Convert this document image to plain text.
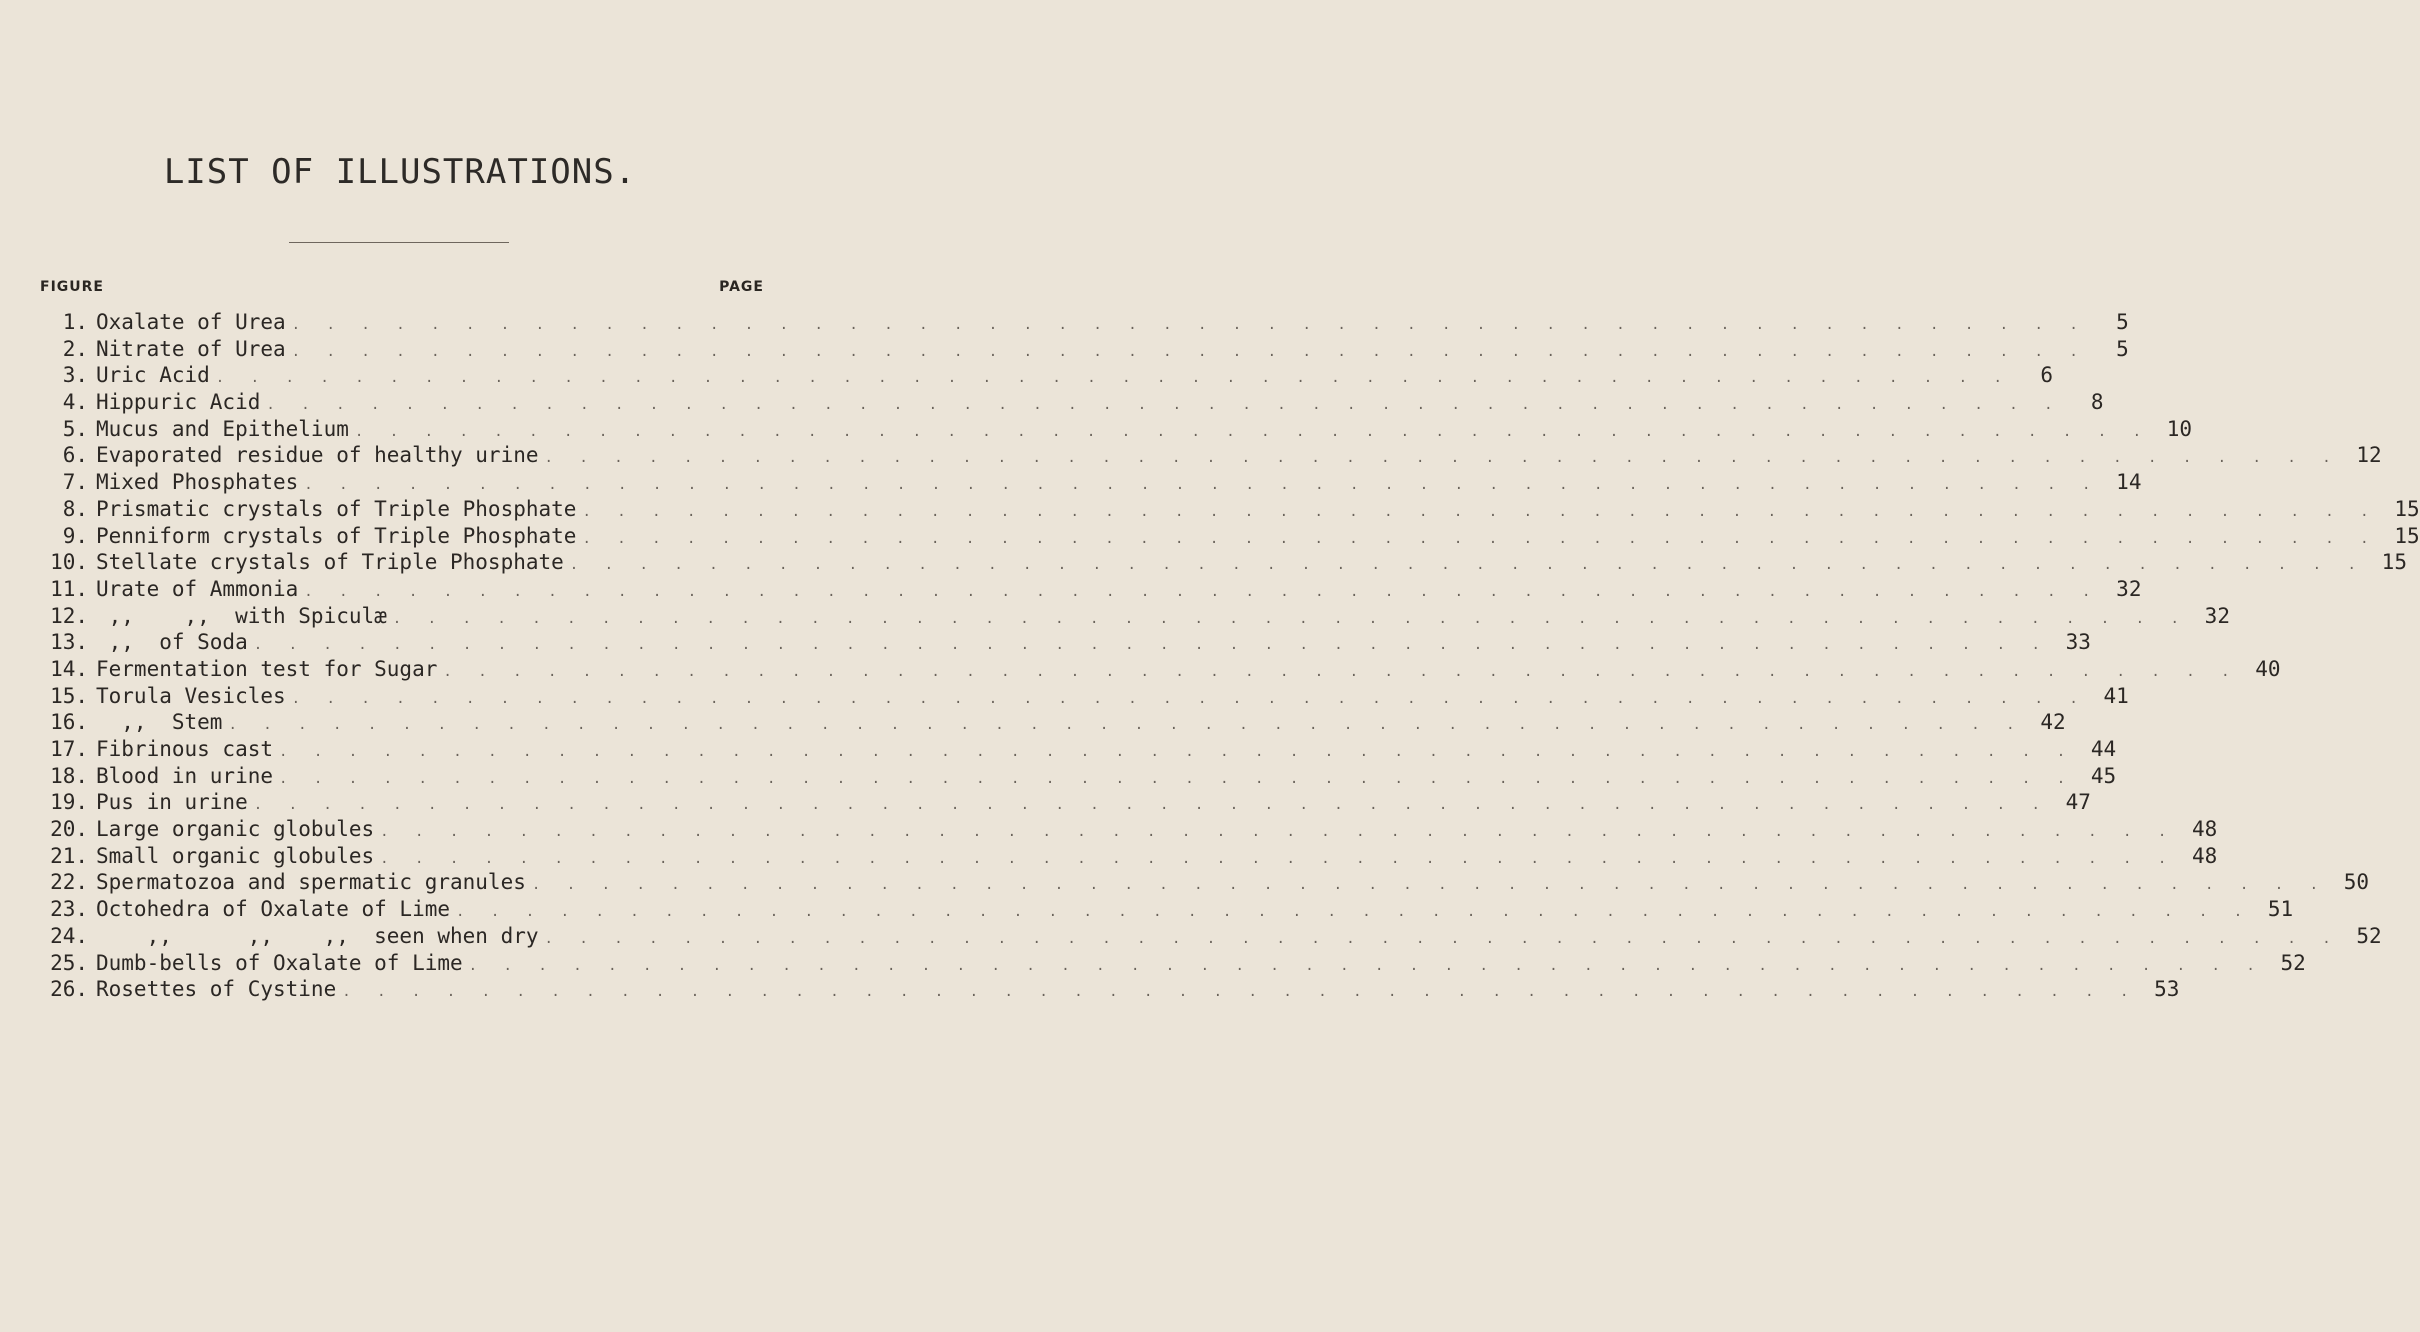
LIST OF ILLUSTRATIONS.
FIGURE	PAGE
1. Oxalate of Urea . . . . . . . . . . . . . . . . . . . . . . . . . . . . . . . . . . . . . . . . . . . . . . . . . . . .	5
2. Nitrate of Urea . . . . . . . . . . . . . . . . . . . . . . . . . . . . . . . . . . . . . . . . . . . . . . . . . . . .	5
3. Uric Acid . . . . . . . . . . . . . . . . . . . . . . . . . . . . . . . . . . . . . . . . . . . . . . . . . . . .	6
4. Hippuric Acid . . . . . . . . . . . . . . . . . . . . . . . . . . . . . . . . . . . . . . . . . . . . . . . . . . . .	8
5. Mucus and Epithelium . . . . . . . . . . . . . . . . . . . . . . . . . . . . . . . . . . . . . . . . . . . . . . . . . . . . 10
6. Evaporated residue of healthy urine . . . . . . . . . . . . . . . . . . . . . . . . . . . . . . . . . . . . . . . . . . . . . . . . . . . . 12
7. Mixed Phosphates . . . . . . . . . . . . . . . . . . . . . . . . . . . . . . . . . . . . . . . . . . . . . . . . . . . . 14
8. Prismatic crystals of Triple Phosphate . . . . . . . . . . . . . . . . . . . . . . . . . . . . . . . . . . . . . . . . . . . . . . . . . . . . 15
9. Penniform crystals of Triple Phosphate . . . . . . . . . . . . . . . . . . . . . . . . . . . . . . . . . . . . . . . . . . . . . . . . . . . . 15
10. Stellate crystals of Triple Phosphate . . . . . . . . . . . . . . . . . . . . . . . . . . . . . . . . . . . . . . . . . . . . . . . . . . . . 15
11. Urate of Ammonia . . . . . . . . . . . . . . . . . . . . . . . . . . . . . . . . . . . . . . . . . . . . . . . . . . . . 32
12. ,,    ,,  with Spiculæ . . . . . . . . . . . . . . . . . . . . . . . . . . . . . . . . . . . . . . . . . . . . . . . . . . . . 32
13. ,,  of Soda . . . . . . . . . . . . . . . . . . . . . . . . . . . . . . . . . . . . . . . . . . . . . . . . . . . . 33
14. Fermentation test for Sugar . . . . . . . . . . . . . . . . . . . . . . . . . . . . . . . . . . . . . . . . . . . . . . . . . . . . 40
15. Torula Vesicles . . . . . . . . . . . . . . . . . . . . . . . . . . . . . . . . . . . . . . . . . . . . . . . . . . . . 41
16. ,,  Stem . . . . . . . . . . . . . . . . . . . . . . . . . . . . . . . . . . . . . . . . . . . . . . . . . . . . 42
17. Fibrinous cast . . . . . . . . . . . . . . . . . . . . . . . . . . . . . . . . . . . . . . . . . . . . . . . . . . . . 44
18. Blood in urine . . . . . . . . . . . . . . . . . . . . . . . . . . . . . . . . . . . . . . . . . . . . . . . . . . . . 45
19. Pus in urine . . . . . . . . . . . . . . . . . . . . . . . . . . . . . . . . . . . . . . . . . . . . . . . . . . . . 47
20. Large organic globules . . . . . . . . . . . . . . . . . . . . . . . . . . . . . . . . . . . . . . . . . . . . . . . . . . . . 48
21. Small organic globules . . . . . . . . . . . . . . . . . . . . . . . . . . . . . . . . . . . . . . . . . . . . . . . . . . . . 48
22. Spermatozoa and spermatic granules . . . . . . . . . . . . . . . . . . . . . . . . . . . . . . . . . . . . . . . . . . . . . . . . . . . . 50
23. Octohedra of Oxalate of Lime . . . . . . . . . . . . . . . . . . . . . . . . . . . . . . . . . . . . . . . . . . . . . . . . . . . . 51
24. ,,      ,,    ,,  seen when dry . . . . . . . . . . . . . . . . . . . . . . . . . . . . . . . . . . . . . . . . . . . . . . . . . . . . 52
25. Dumb-bells of Oxalate of Lime . . . . . . . . . . . . . . . . . . . . . . . . . . . . . . . . . . . . . . . . . . . . . . . . . . . . 52
26. Rosettes of Cystine . . . . . . . . . . . . . . . . . . . . . . . . . . . . . . . . . . . . . . . . . . . . . . . . . . . . 53
